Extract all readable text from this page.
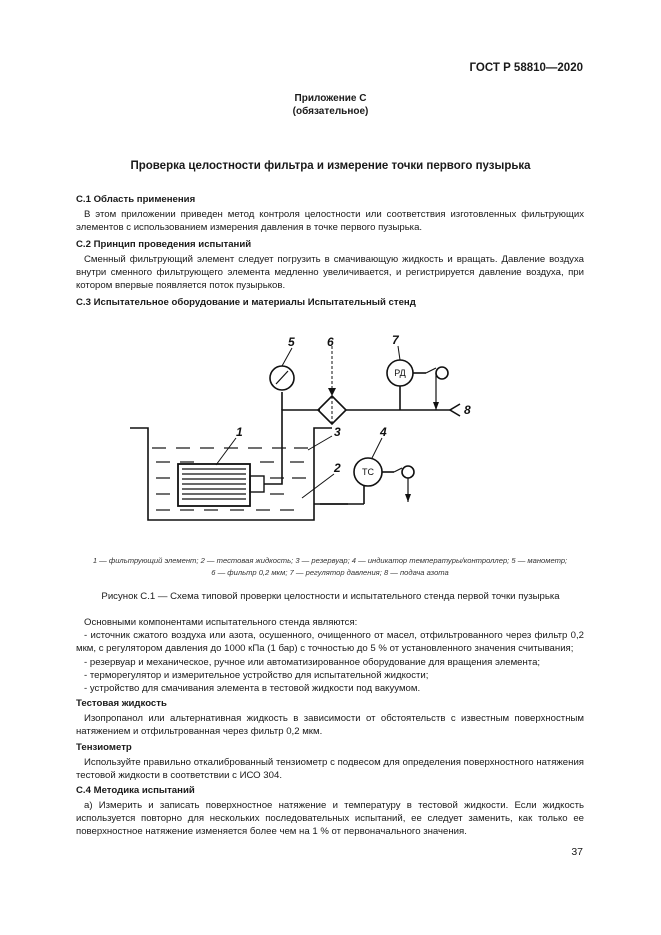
ГОСТ Р 58810—2020
Приложение С
(обязательное)
Проверка целостности фильтра и измерение точки первого пузырька
С.1 Область применения
В этом приложении приведен метод контроля целостности или соответствия изготовленных фильтрующих элементов с использованием измерения давления в точке первого пузырька.
С.2 Принцип проведения испытаний
Сменный фильтрующий элемент следует погрузить в смачивающую жидкость и вращать. Давление воздуха внутри сменного фильтрующего элемента медленно увеличивается, и регистрируется давление воздуха, при котором впервые появляется поток пузырьков.
С.3 Испытательное оборудование и материалы Испытательный стенд
5	6	7
8
1	3
2
4
РД
ТС
1 — фильтрующий элемент; 2 — тестовая жидкость; 3 — резервуар; 4 — индикатор температуры/контроллер; 5 — манометр;
6 — фильтр 0,2 мкм; 7 — регулятор давления; 8 — подача азота
Рисунок С.1 — Схема типовой проверки целостности и испытательного стенда первой точки пузырька
Основными компонентами испытательного стенда являются:
- источник сжатого воздуха или азота, осушенного, очищенного от масел, отфильтрованного через фильтр 0,2 мкм, с регулятором давления до 1000 кПа (1 бар) с точностью до 5 % от установленного значения считывания;
- резервуар и механическое, ручное или автоматизированное оборудование для вращения элемента;
- терморегулятор и измерительное устройство для испытательной жидкости;
- устройство для смачивания элемента в тестовой жидкости под вакуумом.
Тестовая жидкость
Изопропанол или альтернативная жидкость в зависимости от обстоятельств с известным поверхностным натяжением и отфильтрованная через фильтр 0,2 мкм.
Тензиометр
Используйте правильно откалиброванный тензиометр с подвесом для определения поверхностного натяжения тестовой жидкости в соответствии с ИСО 304.
С.4 Методика испытаний
а) Измерить и записать поверхностное натяжение и температуру в тестовой жидкости. Если жидкость используется повторно для нескольких последовательных испытаний, ее следует заменить, как только ее поверхностное натяжение изменяется более чем на 1 % от первоначального значения.
37
